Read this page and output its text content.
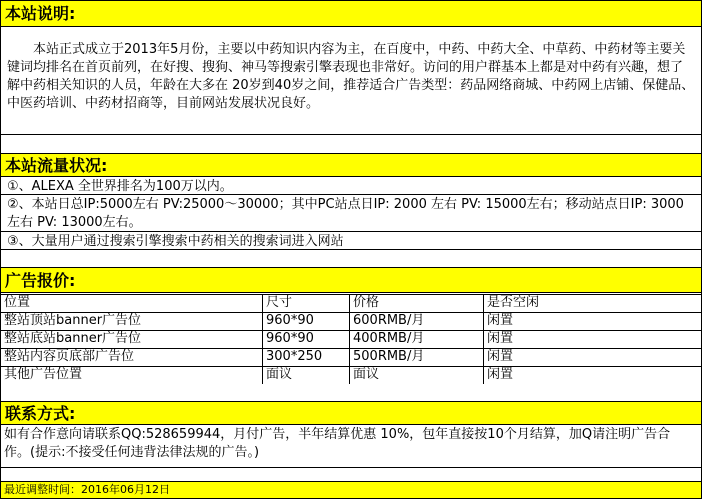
本站说明:
　　本站正式成立于2013年5月份，主要以中药知识内容为主，在百度中，中药、中药大全、中草药、中药材等主要关键词均排名在首页前列，在好搜、搜狗、神马等搜索引擎表现也非常好。访问的用户群基本上都是对中药有兴趣，想了解中药相关知识的人员，年龄在大多在 20岁到40岁之间，推荐适合广告类型：药品网络商城、中药网上店铺、保健品、中医药培训、中药材招商等，目前网站发展状况良好。
本站流量状况:
①、ALEXA 全世界排名为100万以内。
②、本站日总IP:5000左右 PV:25000～30000；其中PC站点日IP: 2000 左右 PV: 15000左右；移动站点日IP: 3000 左右 PV: 13000左右。
③、大量用户通过搜索引擎搜索中药相关的搜索词进入网站
广告报价:
位置	尺寸	价格	是否空闲
整站顶站banner广告位	960*90	600RMB/月	闲置
整站底站banner广告位	960*90	400RMB/月	闲置
整站内容页底部广告位	300*250	500RMB/月	闲置
其他广告位置	面议	面议	闲置
联系方式:
如有合作意向请联系QQ:528659944，月付广告，半年结算优惠 10%，包年直接按10个月结算，加Q请注明广告合作。(提示:不接受任何违背法律法规的广告。)
最近调整时间：2016年06月12日
